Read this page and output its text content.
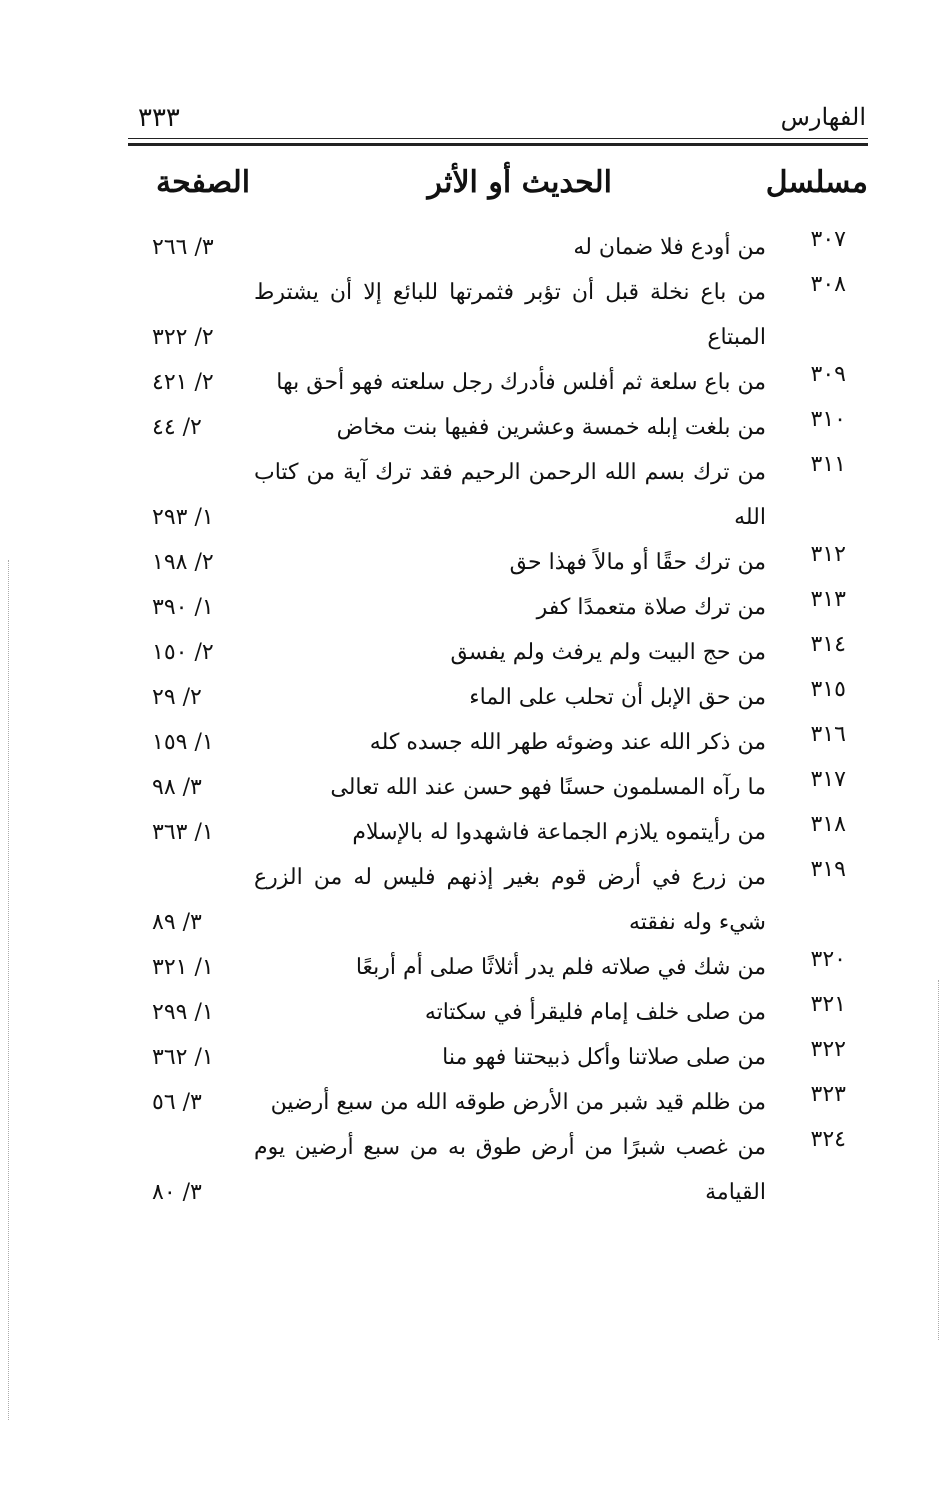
الفهارس
٣٣٣
مسلسل
الحديث أو الأثر
الصفحة
٣٠٧
من أودع فلا ضمان له
٣/ ٢٦٦
٣٠٨
من باع نخلة قبل أن تؤبر فثمرتها للبائع إلا أن يشترط المبتاع
٢/ ٣٢٢
٣٠٩
من باع سلعة ثم أفلس فأدرك رجل سلعته فهو أحق بها
٢/ ٤٢١
٣١٠
من بلغت إبله خمسة وعشرين ففيها بنت مخاض
٢/ ٤٤
٣١١
من ترك بسم الله الرحمن الرحيم فقد ترك آية من كتاب الله
١/ ٢٩٣
٣١٢
من ترك حقًا أو مالاً فهذا حق
٢/ ١٩٨
٣١٣
من ترك صلاة متعمدًا كفر
١/ ٣٩٠
٣١٤
من حج البيت ولم يرفث ولم يفسق
٢/ ١٥٠
٣١٥
من حق الإبل أن تحلب على الماء
٢/ ٢٩
٣١٦
من ذكر الله عند وضوئه طهر الله جسده كله
١/ ١٥٩
٣١٧
ما رآه المسلمون حسنًا فهو حسن عند الله تعالى
٣/ ٩٨
٣١٨
من رأيتموه يلازم الجماعة فاشهدوا له بالإسلام
١/ ٣٦٣
٣١٩
من زرع في أرض قوم بغير إذنهم فليس له من الزرع شيء وله نفقته
٣/ ٨٩
٣٢٠
من شك في صلاته فلم يدر أثلاثًا صلى أم أربعًا
١/ ٣٢١
٣٢١
من صلى خلف إمام فليقرأ في سكتاته
١/ ٢٩٩
٣٢٢
من صلى صلاتنا وأكل ذبيحتنا فهو منا
١/ ٣٦٢
٣٢٣
من ظلم قيد شبر من الأرض طوقه الله من سبع أرضين
٣/ ٥٦
٣٢٤
من غصب شبرًا من أرض طوق به من سبع أرضين يوم القيامة
٣/ ٨٠
